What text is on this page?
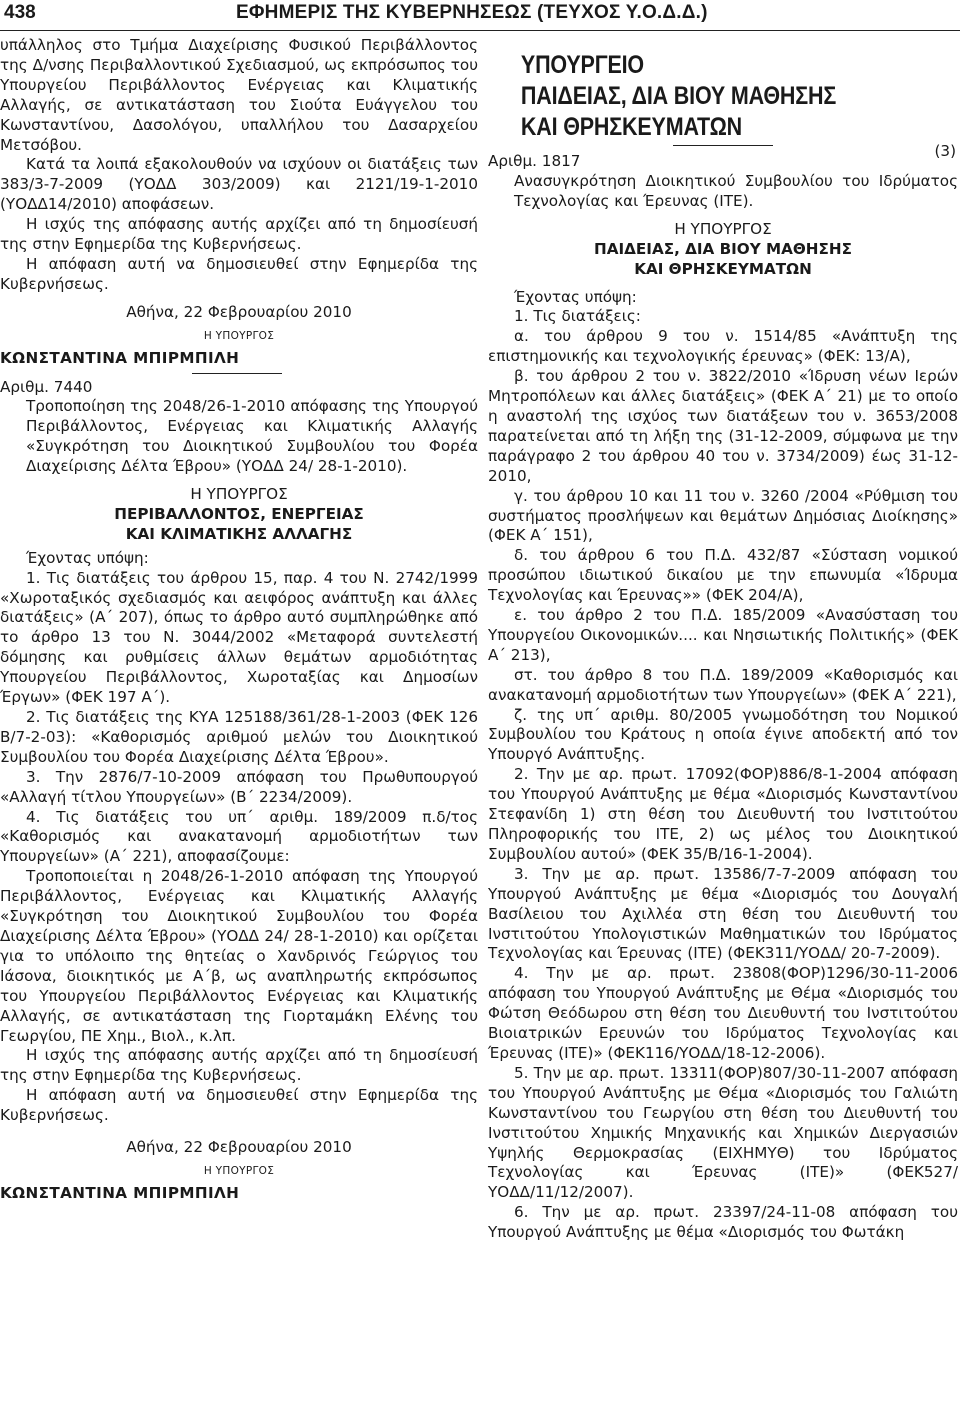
438	ΕΦΗΜΕΡΙΣ ΤΗΣ ΚΥΒΕΡΝΗΣΕΩΣ (ΤΕΥΧΟΣ Υ.Ο.Δ.Δ.)

υπάλληλος στο Τμήμα Διαχείρισης Φυσικού Περιβάλλοντος της Δ/νσης Περιβαλλοντικού Σχεδιασμού, ως εκπρόσωπος του Υπουργείου Περιβάλλοντος Ενέργειας και Κλιματικής Αλλαγής, σε αντικατάσταση του Σιούτα Ευάγγελου του Κωνσταντίνου, Δασολόγου, υπαλλήλου του Δασαρχείου Μετσόβου.

Κατά τα λοιπά εξακολουθούν να ισχύουν οι διατάξεις των 383/3-7-2009 (ΥΟΔΔ 303/2009) και 2121/19-1-2010 (ΥΟΔΔ14/2010) αποφάσεων.

Η ισχύς της απόφασης αυτής αρχίζει από τη δημοσίευσή της στην Εφημερίδα της Κυβερνήσεως.

Η απόφαση αυτή να δημοσιευθεί στην Εφημερίδα της Κυβερνήσεως.

Αθήνα, 22 Φεβρουαρίου 2010

Η ΥΠΟΥΡΓΟΣ

ΚΩΝΣΤΑΝΤΙΝΑ ΜΠΙΡΜΠΙΛΗ

Αριθμ. 7440

Τροποποίηση της 2048/26-1-2010 απόφασης της Υπουργού Περιβάλλοντος, Ενέργειας και Κλιματικής Αλλαγής «Συγκρότηση του Διοικητικού Συμβουλίου του Φορέα Διαχείρισης Δέλτα Έβρου» (ΥΟΔΔ 24/ 28-1-2010).

Η ΥΠΟΥΡΓΟΣ

ΠΕΡΙΒΑΛΛΟΝΤΟΣ, ΕΝΕΡΓΕΙΑΣ

ΚΑΙ ΚΛΙΜΑΤΙΚΗΣ ΑΛΛΑΓΗΣ

Έχοντας υπόψη:

1. Τις διατάξεις του άρθρου 15, παρ. 4 του Ν. 2742/1999 «Χωροταξικός σχεδιασμός και αειφόρος ανάπτυξη και άλλες διατάξεις» (Α΄ 207), όπως το άρθρο αυτό συμπληρώθηκε από το άρθρο 13 του Ν. 3044/2002 «Μεταφορά συντελεστή δόμησης και ρυθμίσεις άλλων θεμάτων αρμοδιότητας Υπουργείου Περιβάλλοντος, Χωροταξίας και Δημοσίων Έργων» (ΦΕΚ 197 Α΄).

2. Τις διατάξεις της ΚΥΑ 125188/361/28-1-2003 (ΦΕΚ 126 Β/7-2-03): «Καθορισμός αριθμού μελών του Διοικητικού Συμβουλίου του Φορέα Διαχείρισης Δέλτα Έβρου».

3. Την 2876/7-10-2009 απόφαση του Πρωθυπουργού «Αλλαγή τίτλου Υπουργείων» (Β΄ 2234/2009).

4. Τις διατάξεις του υπ΄ αριθμ. 189/2009 π.δ/τος «Καθορισμός και ανακατανομή αρμοδιοτήτων των Υπουργείων» (Α΄ 221), αποφασίζουμε:

Τροποποιείται η 2048/26-1-2010 απόφαση της Υπουργού Περιβάλλοντος, Ενέργειας και Κλιματικής Αλλαγής «Συγκρότηση του Διοικητικού Συμβουλίου του Φορέα Διαχείρισης Δέλτα Έβρου» (ΥΟΔΔ 24/ 28-1-2010) και ορίζεται για το υπόλοιπο της θητείας ο Χανδρινός Γεώργιος του Ιάσονα, διοικητικός με Α΄β, ως αναπληρωτής εκπρόσωπος του Υπουργείου Περιβάλλοντος Ενέργειας και Κλιματικής Αλλαγής, σε αντικατάσταση της Γιορταμάκη Ελένης του Γεωργίου, ΠΕ Χημ., Βιολ., κ.λπ.

Η ισχύς της απόφασης αυτής αρχίζει από τη δημοσίευσή της στην Εφημερίδα της Κυβερνήσεως.

Η απόφαση αυτή να δημοσιευθεί στην Εφημερίδα της Κυβερνήσεως.

Αθήνα, 22 Φεβρουαρίου 2010

Η ΥΠΟΥΡΓΟΣ

ΚΩΝΣΤΑΝΤΙΝΑ ΜΠΙΡΜΠΙΛΗ

ΥΠΟΥΡΓΕΙΟ

ΠΑΙΔΕΙΑΣ, ΔΙΑ ΒΙΟΥ ΜΑΘΗΣΗΣ

ΚΑΙ ΘΡΗΣΚΕΥΜΑΤΩΝ

Αριθμ. 1817
(3)

Ανασυγκρότηση Διοικητικού Συμβουλίου του Ιδρύματος Τεχνολογίας και Έρευνας (ΙΤΕ).

Η ΥΠΟΥΡΓΟΣ

ΠΑΙΔΕΙΑΣ, ΔΙΑ ΒΙΟΥ ΜΑΘΗΣΗΣ

ΚΑΙ ΘΡΗΣΚΕΥΜΑΤΩΝ

Έχοντας υπόψη:

1. Τις διατάξεις:

α. του άρθρου 9 του ν. 1514/85 «Ανάπτυξη της επιστημονικής και τεχνολογικής έρευνας» (ΦΕΚ: 13/Α),

β. του άρθρου 2 του ν. 3822/2010 «Ίδρυση νέων Ιερών Μητροπόλεων και άλλες διατάξεις» (ΦΕΚ Α΄ 21) με το οποίο η αναστολή της ισχύος των διατάξεων του ν. 3653/2008 παρατείνεται από τη λήξη της (31-12-2009, σύμφωνα με την παράγραφο 2 του άρθρου 40 του ν. 3734/2009) έως 31-12-2010,

γ. του άρθρου 10 και 11 του ν. 3260 /2004 «Ρύθμιση του συστήματος προσλήψεων και θεμάτων Δημόσιας Διοίκησης» (ΦΕΚ Α΄ 151),

δ. του άρθρου 6 του Π.Δ. 432/87 «Σύσταση νομικού προσώπου ιδιωτικού δικαίου με την επωνυμία «Ίδρυμα Τεχνολογίας και Έρευνας»» (ΦΕΚ 204/Α),

ε. του άρθρο 2 του Π.Δ. 185/2009 «Ανασύσταση του Υπουργείου Οικονομικών.... και Νησιωτικής Πολιτικής» (ΦΕΚ Α΄ 213),

στ. του άρθρο 8 του Π.Δ. 189/2009 «Καθορισμός και ανακατανομή αρμοδιοτήτων των Υπουργείων» (ΦΕΚ Α΄ 221),

ζ. της υπ΄ αριθμ. 80/2005 γνωμοδότηση του Νομικού Συμβουλίου του Κράτους η οποία έγινε αποδεκτή από τον Υπουργό Ανάπτυξης.

2. Την με αρ. πρωτ. 17092(ΦΟΡ)886/8-1-2004 απόφαση του Υπουργού Ανάπτυξης με θέμα «Διορισμός Κωνσταντίνου Στεφανίδη 1) στη θέση του Διευθυντή του Ινστιτούτου Πληροφορικής του ΙΤΕ, 2) ως μέλος του Διοικητικού Συμβουλίου αυτού» (ΦΕΚ 35/Β/16-1-2004).

3. Την με αρ. πρωτ. 13586/7-7-2009 απόφαση του Υπουργού Ανάπτυξης με θέμα «Διορισμός του Δουγαλή Βασίλειου του Αχιλλέα στη θέση του Διευθυντή του Ινστιτούτου Υπολογιστικών Μαθηματικών του Ιδρύματος Τεχνολογίας και Έρευνας (ΙΤΕ) (ΦΕΚ311/ΥΟΔΔ/ 20-7-2009).

4. Την με αρ. πρωτ. 23808(ΦΟΡ)1296/30-11-2006 απόφαση του Υπουργού Ανάπτυξης με Θέμα «Διορισμός του Φώτση Θεόδωρου στη θέση του Διευθυντή του Ινστιτούτου Βιοιατρικών Ερευνών του Ιδρύματος Τεχνολογίας και Έρευνας (ΙΤΕ)» (ΦΕΚ116/ΥΟΔΔ/18-12-2006).

5. Την με αρ. πρωτ. 13311(ΦΟΡ)807/30-11-2007 απόφαση του Υπουργού Ανάπτυξης με Θέμα «Διορισμός του Γαλιώτη Κωνσταντίνου του Γεωργίου στη θέση του Διευθυντή του Ινστιτούτου Χημικής Μηχανικής και Χημικών Διεργασιών Υψηλής Θερμοκρασίας (ΕΙΧΗΜΥΘ) του Ιδρύματος Τεχνολογίας και Έρευνας (ΙΤΕ)» (ΦΕΚ527/ ΥΟΔΔ/11/12/2007).

6. Την με αρ. πρωτ. 23397/24-11-08 απόφαση του Υπουργού Ανάπτυξης με θέμα «Διορισμός του Φωτάκη
